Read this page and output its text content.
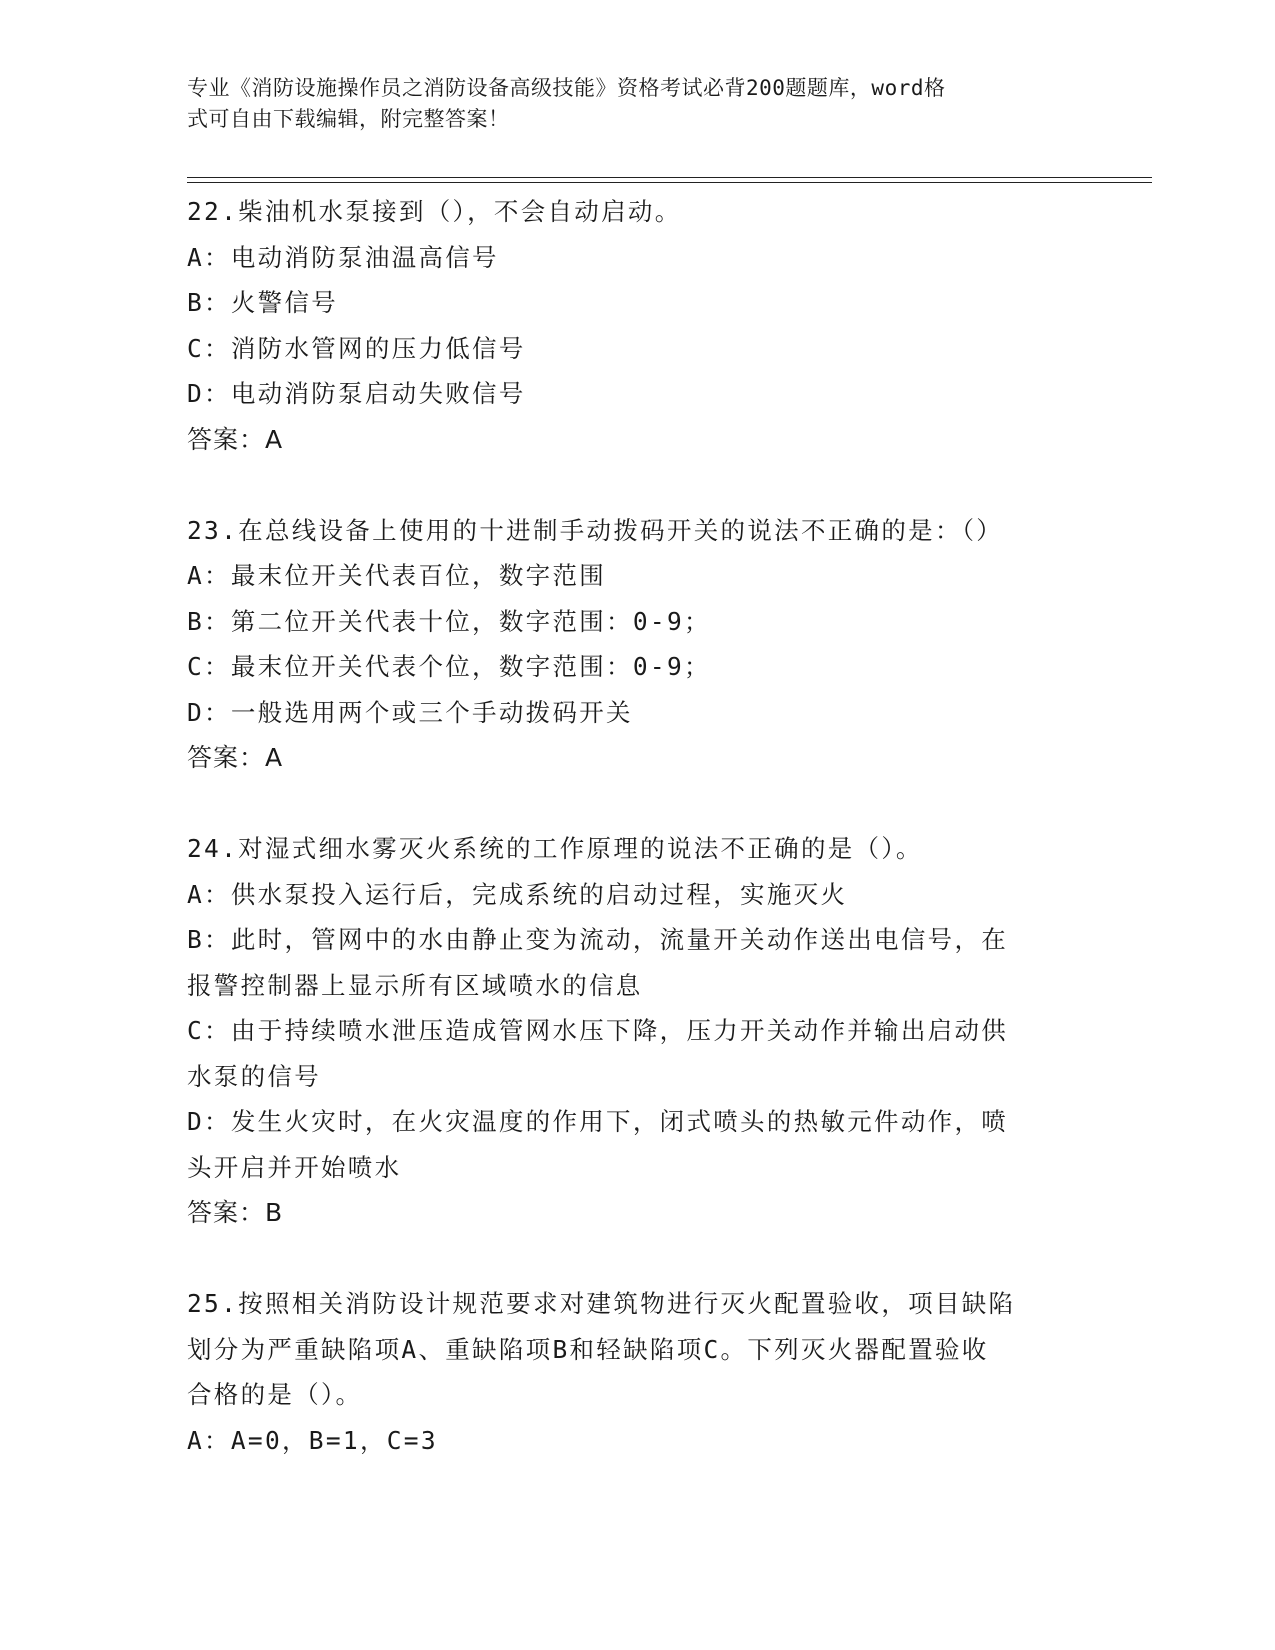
专业《消防设施操作员之消防设备高级技能》资格考试必背200题题库，word格
式可自由下载编辑，附完整答案！

22.柴油机水泵接到（），不会自动启动。

A：电动消防泵油温高信号

B：火警信号

C：消防水管网的压力低信号

D：电动消防泵启动失败信号

答案：A

23.在总线设备上使用的十进制手动拨码开关的说法不正确的是：（）

A：最末位开关代表百位，数字范围

B：第二位开关代表十位，数字范围：0-9；

C：最末位开关代表个位，数字范围：0-9；

D：一般选用两个或三个手动拨码开关

答案：A

24.对湿式细水雾灭火系统的工作原理的说法不正确的是（）。

A：供水泵投入运行后，完成系统的启动过程，实施灭火

B：此时，管网中的水由静止变为流动，流量开关动作送出电信号，在

报警控制器上显示所有区域喷水的信息

C：由于持续喷水泄压造成管网水压下降，压力开关动作并输出启动供

水泵的信号

D：发生火灾时，在火灾温度的作用下，闭式喷头的热敏元件动作，喷

头开启并开始喷水

答案：B

25.按照相关消防设计规范要求对建筑物进行灭火配置验收，项目缺陷

划分为严重缺陷项A、重缺陷项B和轻缺陷项C。下列灭火器配置验收

合格的是（）。

A：A=0，B=1，C=3
